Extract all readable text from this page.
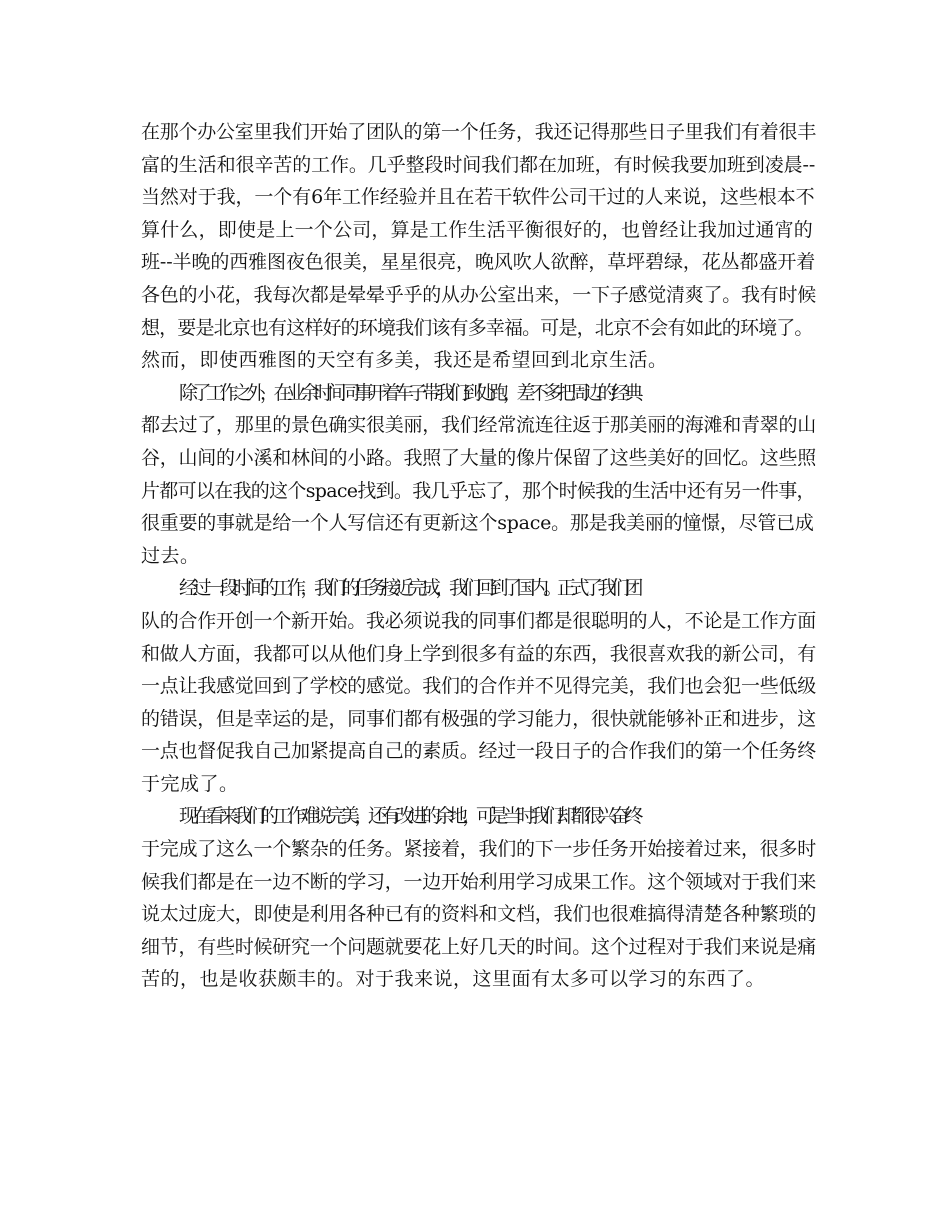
在那个办公室里我们开始了团队的第一个任务，我还记得那些日子里我们有着很丰
富的生活和很辛苦的工作。几乎整段时间我们都在加班，有时候我要加班到凌晨--
当然对于我，一个有6年工作经验并且在若干软件公司干过的人来说，这些根本不
算什么，即使是上一个公司，算是工作生活平衡很好的，也曾经让我加过通宵的
班--半晚的西雅图夜色很美，星星很亮，晚风吹人欲醉，草坪碧绿，花丛都盛开着
各色的小花，我每次都是晕晕乎乎的从办公室出来，一下子感觉清爽了。我有时候
想，要是北京也有这样好的环境我们该有多幸福。可是，北京不会有如此的环境了。
然而，即使西雅图的天空有多美，我还是希望回到北京生活。
除了工作之外，在业余时间同事开着车子带我们到处跑，差不多把周边的经典
都去过了，那里的景色确实很美丽，我们经常流连往返于那美丽的海滩和青翠的山
谷，山间的小溪和林间的小路。我照了大量的像片保留了这些美好的回忆。这些照
片都可以在我的这个space找到。我几乎忘了，那个时候我的生活中还有另一件事，
很重要的事就是给一个人写信还有更新这个space。那是我美丽的憧憬，尽管已成
过去。
经过一段时间的工作，我们的任务接近完成，我们回到了国内。正式了我们团
队的合作开创一个新开始。我必须说我的同事们都是很聪明的人，不论是工作方面
和做人方面，我都可以从他们身上学到很多有益的东西，我很喜欢我的新公司，有
一点让我感觉回到了学校的感觉。我们的合作并不见得完美，我们也会犯一些低级
的错误，但是幸运的是，同事们都有极强的学习能力，很快就能够补正和进步，这
一点也督促我自己加紧提高自己的素质。经过一段日子的合作我们的第一个任务终
于完成了。
现在看来我们的工作难说完美，还有改进的余地，可是当时我们却都很兴奋终
于完成了这么一个繁杂的任务。紧接着，我们的下一步任务开始接着过来，很多时
候我们都是在一边不断的学习，一边开始利用学习成果工作。这个领域对于我们来
说太过庞大，即使是利用各种已有的资料和文档，我们也很难搞得清楚各种繁琐的
细节，有些时候研究一个问题就要花上好几天的时间。这个过程对于我们来说是痛
苦的，也是收获颇丰的。对于我来说，这里面有太多可以学习的东西了。
